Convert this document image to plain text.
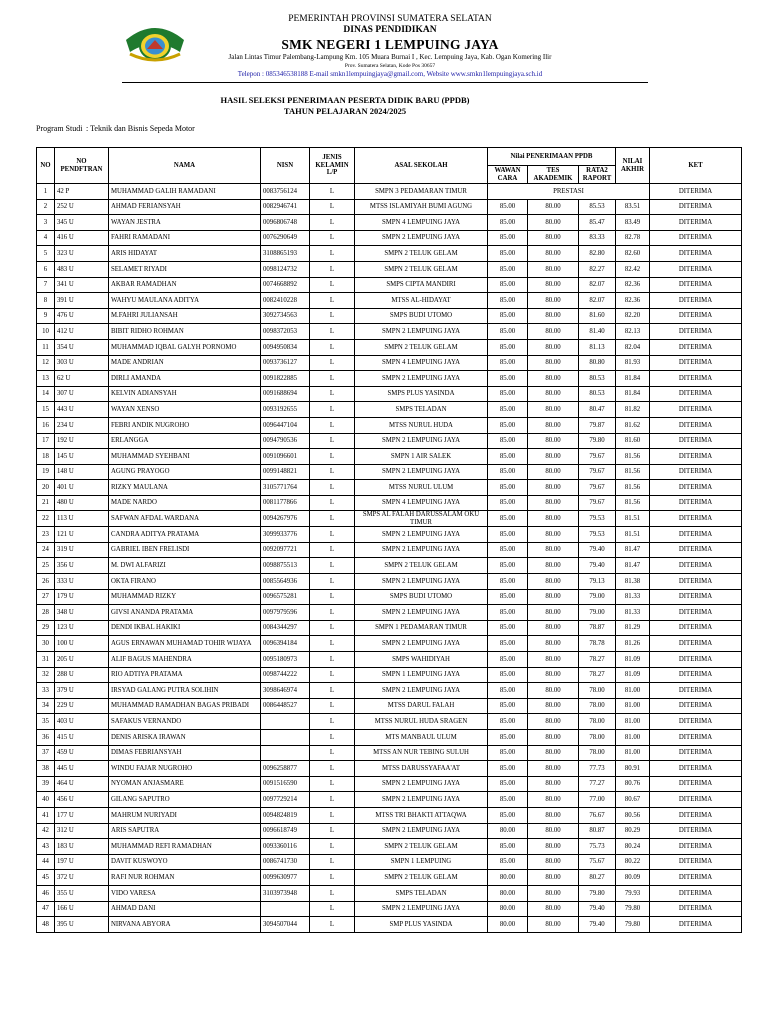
PEMERINTAH PROVINSI SUMATERA SELATAN
DINAS PENDIDIKAN
SMK NEGERI 1 LEMPUING JAYA
Jalan Lintas Timur Palembang-Lampung Km. 105 Muara Burnai I , Kec. Lempuing Jaya, Kab. Ogan Komering Ilir
Prov. Sumatera Selatan, Kode Pos 30657
Telepon : 085346538188 E-mail smkn1lempuingjaya@gmail.com, Website www.smkn1lempuingjaya.sch.id
HASIL SELEKSI PENERIMAAN PESERTA DIDIK BARU (PPDB)
TAHUN PELAJARAN 2024/2025
Program Studi : Teknik dan Bisnis Sepeda Motor
NO	NO PENDFTRAN	NAMA	NISN	JENIS KELAMIN L/P	ASAL SEKOLAH	Nilai PENERIMAAN PPDB			NILAI AKHIR	KET
						WAWAN CARA	TES AKADEMIK	RATA2 RAPORT		
1	42 P	MUHAMMAD GALIH RAMADANI	0083756124	L	SMPN 3 PEDAMARAN TIMUR	PRESTASI				DITERIMA
2	252 U	AHMAD FERIANSYAH	0082946741	L	MTSS ISLAMIYAH BUMI AGUNG	85.00	80.00	85.53	83.51	DITERIMA
3	345 U	WAYAN JESTRA	0096806748	L	SMPN 4 LEMPUING JAYA	85.00	80.00	85.47	83.49	DITERIMA
4	416 U	FAHRI RAMADANI	0076290649	L	SMPN 2 LEMPUING JAYA	85.00	80.00	83.33	82.78	DITERIMA
5	323 U	ARIS HIDAYAT	3108865193	L	SMPN 2 TELUK GELAM	85.00	80.00	82.80	82.60	DITERIMA
6	483 U	SELAMET RIYADI	0098124732	L	SMPN 2 TELUK GELAM	85.00	80.00	82.27	82.42	DITERIMA
7	341 U	AKBAR RAMADHAN	0074668892	L	SMPS CIPTA MANDIRI	85.00	80.00	82.07	82.36	DITERIMA
8	391 U	WAHYU MAULANA ADITYA	0082410228	L	MTSS AL-HIDAYAT	85.00	80.00	82.07	82.36	DITERIMA
9	476 U	M.FAHRI JULIANSAH	3092734563	L	SMPS BUDI UTOMO	85.00	80.00	81.60	82.20	DITERIMA
10	412 U	BIBIT RIDHO ROHMAN	0098372053	L	SMPN 2 LEMPUING JAYA	85.00	80.00	81.40	82.13	DITERIMA
11	354 U	MUHAMMAD IQBAL GALYH PORNOMO	0094950834	L	SMPN 2 TELUK GELAM	85.00	80.00	81.13	82.04	DITERIMA
12	303 U	MADE ANDRIAN	0093736127	L	SMPN 4 LEMPUING JAYA	85.00	80.00	80.80	81.93	DITERIMA
13	62 U	DIRLI AMANDA	0091822885	L	SMPN 2 LEMPUING JAYA	85.00	80.00	80.53	81.84	DITERIMA
14	307 U	KELVIN ADIANSYAH	0091688694	L	SMPS PLUS YASINDA	85.00	80.00	80.53	81.84	DITERIMA
15	443 U	WAYAN XENSO	0093192655	L	SMPS TELADAN	85.00	80.00	80.47	81.82	DITERIMA
16	234 U	FEBRI ANDIK NUGROHO	0096447104	L	MTSS NURUL HUDA	85.00	80.00	79.87	81.62	DITERIMA
17	192 U	ERLANGGA	0094790536	L	SMPN 2 LEMPUING JAYA	85.00	80.00	79.80	81.60	DITERIMA
18	145 U	MUHAMMAD SYEHBANI	0091096601	L	SMPN 1 AIR SALEK	85.00	80.00	79.67	81.56	DITERIMA
19	148 U	AGUNG PRAYOGO	0099148821	L	SMPN 2 LEMPUING JAYA	85.00	80.00	79.67	81.56	DITERIMA
20	401 U	RIZKY MAULANA	3105771764	L	MTSS NURUL ULUM	85.00	80.00	79.67	81.56	DITERIMA
21	480 U	MADE NARDO	0081177866	L	SMPN 4 LEMPUING JAYA	85.00	80.00	79.67	81.56	DITERIMA
22	113 U	SAFWAN AFDAL WARDANA	0094267976	L	SMPS AL FALAH DARUSSALAM OKU TIMUR	85.00	80.00	79.53	81.51	DITERIMA
23	121 U	CANDRA ADITYA PRATAMA	3099933776	L	SMPN 2 LEMPUING JAYA	85.00	80.00	79.53	81.51	DITERIMA
24	319 U	GABRIEL IBEN FRELISDI	0092097721	L	SMPN 2 LEMPUING JAYA	85.00	80.00	79.40	81.47	DITERIMA
25	356 U	M. DWI ALFARIZI	0098875513	L	SMPN 2 TELUK GELAM	85.00	80.00	79.40	81.47	DITERIMA
26	333 U	OKTA FIRANO	0085564936	L	SMPN 2 LEMPUING JAYA	85.00	80.00	79.13	81.38	DITERIMA
27	179 U	MUHAMMAD RIZKY	0096575281	L	SMPS BUDI UTOMO	85.00	80.00	79.00	81.33	DITERIMA
28	348 U	GIVSI ANANDA PRATAMA	0097979596	L	SMPN 2 LEMPUING JAYA	85.00	80.00	79.00	81.33	DITERIMA
29	123 U	DENDI IKBAL HAKIKI	0084344297	L	SMPN 1 PEDAMARAN TIMUR	85.00	80.00	78.87	81.29	DITERIMA
30	100 U	AGUS ERNAWAN MUHAMAD TOHIR WIJAYA	0096394184	L	SMPN 2 LEMPUING JAYA	85.00	80.00	78.78	81.26	DITERIMA
31	205 U	ALIF BAGUS MAHENDRA	0095180973	L	SMPS WAHIDIYAH	85.00	80.00	78.27	81.09	DITERIMA
32	288 U	RIO ADTIYA PRATAMA	0098744222	L	SMPN 1 LEMPUING JAYA	85.00	80.00	78.27	81.09	DITERIMA
33	379 U	IRSYAD GALANG PUTRA SOLIHIN	3098646974	L	SMPN 2 LEMPUING JAYA	85.00	80.00	78.00	81.00	DITERIMA
34	229 U	MUHAMMAD RAMADHAN BAGAS PRIBADI	0086448527	L	MTSS DARUL FALAH	85.00	80.00	78.00	81.00	DITERIMA
35	403 U	SAFAKUS VERNANDO		L	MTSS NURUL HUDA SRAGEN	85.00	80.00	78.00	81.00	DITERIMA
36	415 U	DENIS ARISKA IRAWAN		L	MTS MANBAUL ULUM	85.00	80.00	78.00	81.00	DITERIMA
37	459 U	DIMAS FEBRIANSYAH		L	MTSS AN NUR TEBING SULUH	85.00	80.00	78.00	81.00	DITERIMA
38	445 U	WINDU FAJAR NUGROHO	0096258877	L	MTSS DARUSSYAFAA'AT	85.00	80.00	77.73	80.91	DITERIMA
39	464 U	NYOMAN ANJASMARE	0091516590	L	SMPN 2 LEMPUING JAYA	85.00	80.00	77.27	80.76	DITERIMA
40	456 U	GILANG SAPUTRO	0097729214	L	SMPN 2 LEMPUING JAYA	85.00	80.00	77.00	80.67	DITERIMA
41	177 U	MAHRUM NURIYADI	0094824819	L	MTSS TRI BHAKTI ATTAQWA	85.00	80.00	76.67	80.56	DITERIMA
42	312 U	ARIS SAPUTRA	0096618749	L	SMPN 2 LEMPUING JAYA	80.00	80.00	80.87	80.29	DITERIMA
43	183 U	MUHAMMAD REFI RAMADHAN	0093360116	L	SMPN 2 TELUK GELAM	85.00	80.00	75.73	80.24	DITERIMA
44	197 U	DAVIT KUSWOYO	0086741730	L	SMPN 1 LEMPUING	85.00	80.00	75.67	80.22	DITERIMA
45	372 U	RAFI NUR ROHMAN	0099630977	L	SMPN 2 TELUK GELAM	80.00	80.00	80.27	80.09	DITERIMA
46	355 U	VIDO VARESA	3103973948	L	SMPS TELADAN	80.00	80.00	79.80	79.93	DITERIMA
47	166 U	AHMAD DANI		L	SMPN 2 LEMPUING JAYA	80.00	80.00	79.40	79.80	DITERIMA
48	395 U	NIRVANA ABYORA	3094507044	L	SMP PLUS YASINDA	80.00	80.00	79.40	79.80	DITERIMA
